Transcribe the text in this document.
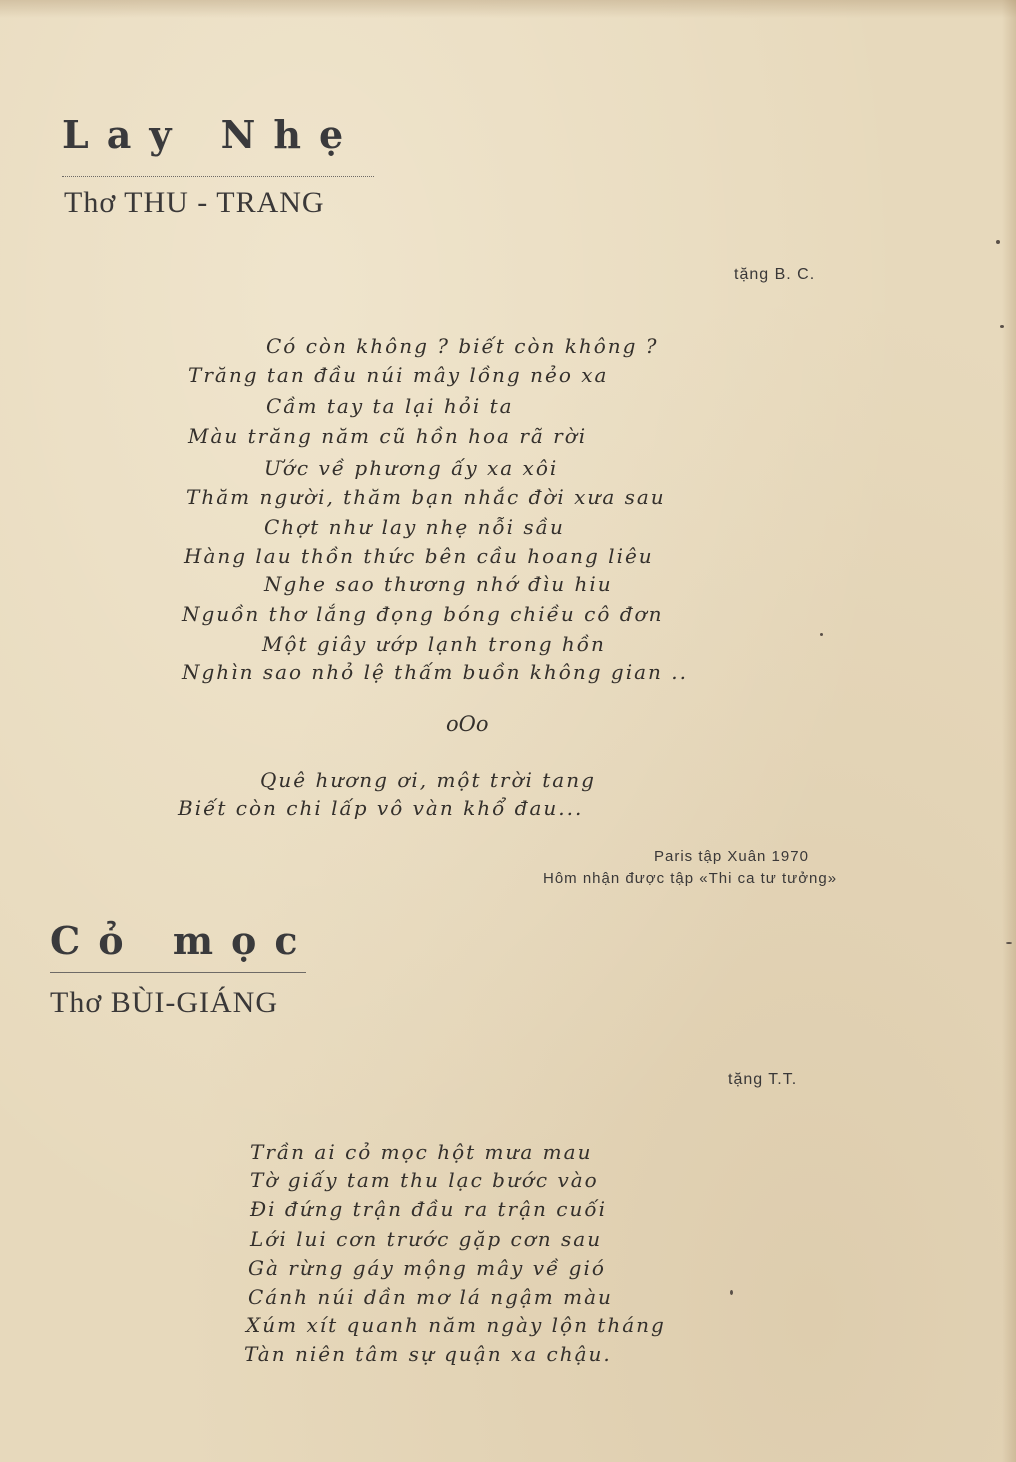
Lay Nhẹ
Thơ THU - TRANG
tặng B. C.
Có còn không ? biết còn không ?
Trăng tan đầu núi mây lồng nẻo xa
Cầm tay ta lại hỏi ta
Màu trăng năm cũ hồn hoa rã rời
Ước về phương ấy xa xôi
Thăm người, thăm bạn nhắc đời xưa sau
Chợt như lay nhẹ nỗi sầu
Hàng lau thồn thức bên cầu hoang liêu
Nghe sao thương nhớ đìu hiu
Nguồn thơ lắng đọng bóng chiều cô đơn
Một giây ướp lạnh trong hồn
Nghìn sao nhỏ lệ thấm buồn không gian ..
oOo
Quê hương ơi, một trời tang
Biết còn chi lấp vô vàn khổ đau...
Paris tập Xuân 1970
Hôm nhận được tập «Thi ca tư tưởng»
Cỏ mọc
Thơ BÙI-GIÁNG
tặng T.T.
Trần ai cỏ mọc hột mưa mau
Tờ giấy tam thu lạc bước vào
Đi đứng trận đầu ra trận cuối
Lới lui cơn trước gặp cơn sau
Gà rừng gáy mộng mây về gió
Cánh núi dần mơ lá ngậm màu
Xúm xít quanh năm ngày lộn tháng
Tàn niên tâm sự quận xa chậu.
